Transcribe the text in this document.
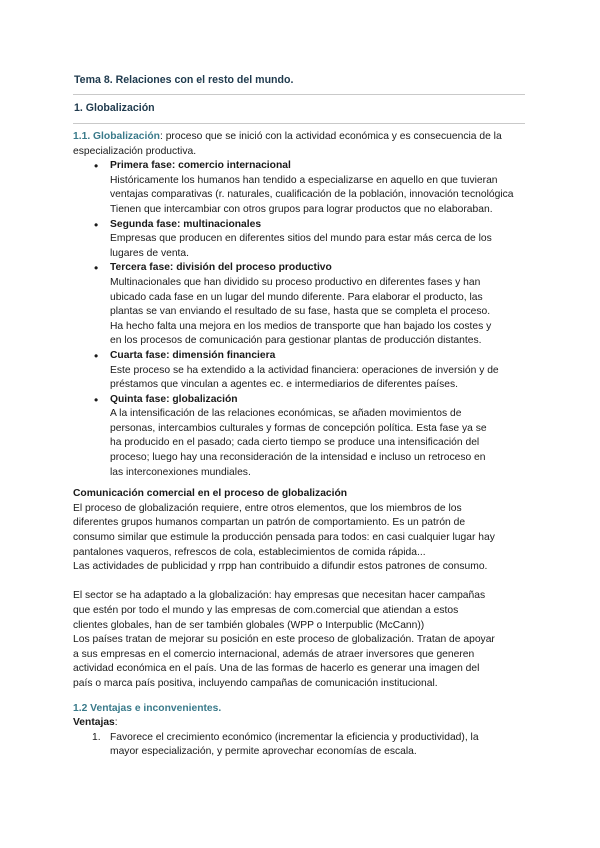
Tema 8. Relaciones con el resto del mundo.
1. Globalización

1.1. Globalización: proceso que se inició con la actividad económica y es consecuencia de la especialización productiva.

• Primera fase: comercio internacional
Históricamente los humanos han tendido a especializarse en aquello en que tuvieran
ventajas comparativas (r. naturales, cualificación de la población, innovación tecnológica
Tienen que intercambiar con otros grupos para lograr productos que no elaboraban.
• Segunda fase: multinacionales
Empresas que producen en diferentes sitios del mundo para estar más cerca de los
lugares de venta.
• Tercera fase: división del proceso productivo
Multinacionales que han dividido su proceso productivo en diferentes fases y han
ubicado cada fase en un lugar del mundo diferente. Para elaborar el producto, las
plantas se van enviando el resultado de su fase, hasta que se completa el proceso.
Ha hecho falta una mejora en los medios de transporte que han bajado los costes y
en los procesos de comunicación para gestionar plantas de producción distantes.
• Cuarta fase: dimensión financiera
Este proceso se ha extendido a la actividad financiera: operaciones de inversión y de
préstamos que vinculan a agentes ec. e intermediarios de diferentes países.
• Quinta fase: globalización
A la intensificación de las relaciones económicas, se añaden movimientos de
personas, intercambios culturales y formas de concepción política. Esta fase ya se
ha producido en el pasado; cada cierto tiempo se produce una intensificación del
proceso; luego hay una reconsideración de la intensidad e incluso un retroceso en
las interconexiones mundiales.

Comunicación comercial en el proceso de globalización

El proceso de globalización requiere, entre otros elementos, que los miembros de los
diferentes grupos humanos compartan un patrón de comportamiento. Es un patrón de
consumo similar que estimule la producción pensada para todos: en casi cualquier lugar hay
pantalones vaqueros, refrescos de cola, establecimientos de comida rápida...
Las actividades de publicidad y rrpp han contribuido a difundir estos patrones de consumo.
El sector se ha adaptado a la globalización: hay empresas que necesitan hacer campañas
que estén por todo el mundo y las empresas de com.comercial que atiendan a estos
clientes globales, han de ser también globales (WPP o Interpublic (McCann))
Los países tratan de mejorar su posición en este proceso de globalización. Tratan de apoyar
a sus empresas en el comercio internacional, además de atraer inversores que generen
actividad económica en el país. Una de las formas de hacerlo es generar una imagen del
país o marca país positiva, incluyendo campañas de comunicación institucional.

1.2 Ventajas e inconvenientes.

Ventajas:

1. Favorece el crecimiento económico (incrementar la eficiencia y productividad), la
mayor especialización, y permite aprovechar economías de escala.
